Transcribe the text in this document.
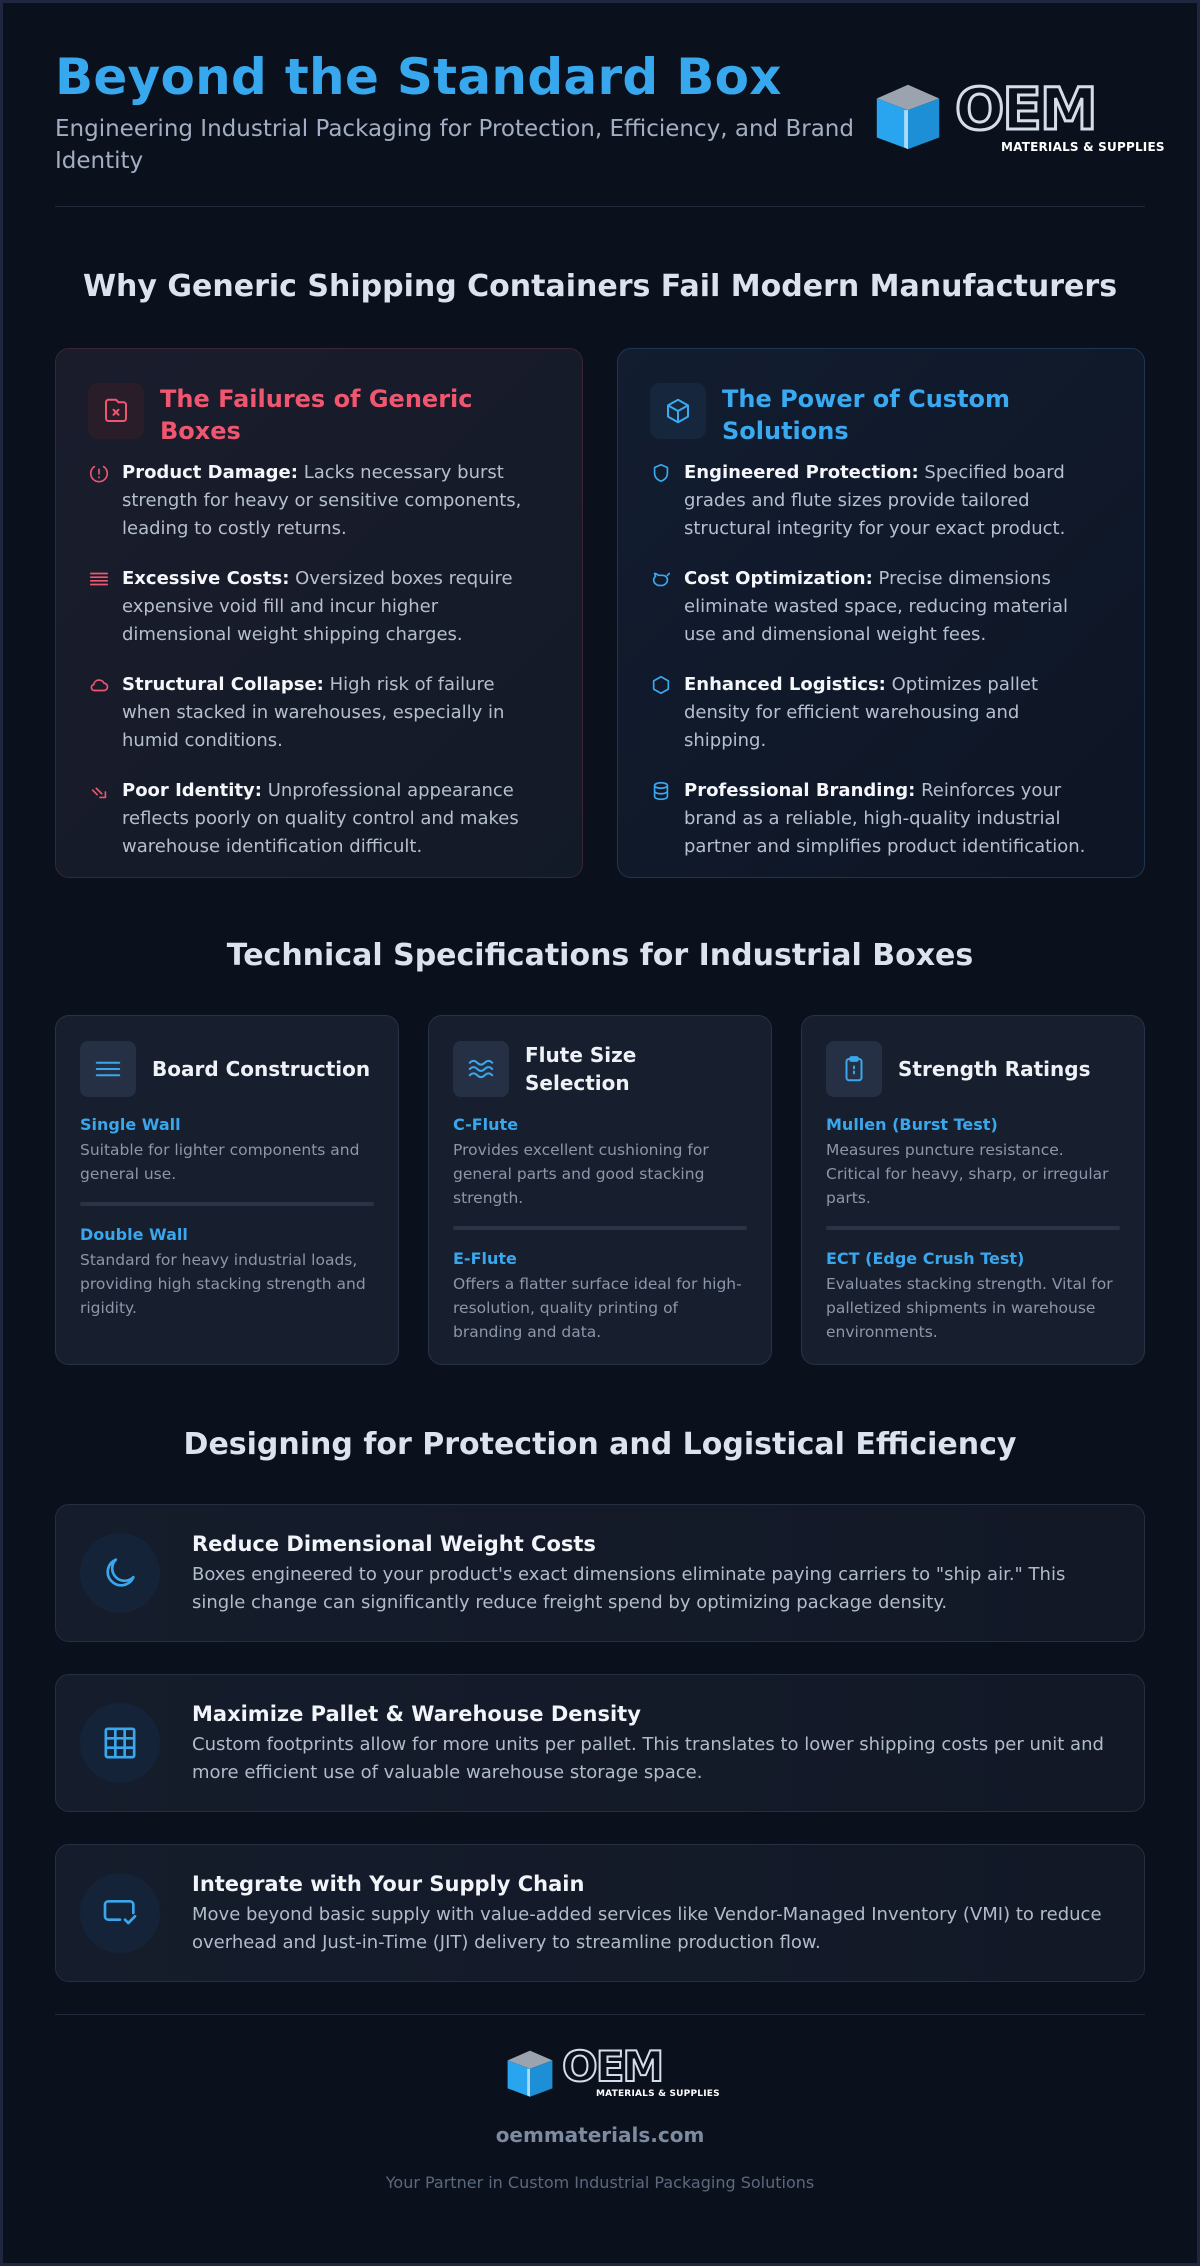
Beyond the Standard Box
Engineering Industrial Packaging for Protection, Efficiency, and Brand Identity
OEM
MATERIALS & SUPPLIES
Why Generic Shipping Containers Fail Modern Manufacturers
The Failures of Generic Boxes
Product Damage: Lacks necessary burst strength for heavy or sensitive components, leading to costly returns.
Excessive Costs: Oversized boxes require expensive void fill and incur higher dimensional weight shipping charges.
Structural Collapse: High risk of failure when stacked in warehouses, especially in humid conditions.
Poor Identity: Unprofessional appearance reflects poorly on quality control and makes warehouse identification difficult.
The Power of Custom Solutions
Engineered Protection: Specified board grades and flute sizes provide tailored structural integrity for your exact product.
Cost Optimization: Precise dimensions eliminate wasted space, reducing material use and dimensional weight fees.
Enhanced Logistics: Optimizes pallet density for efficient warehousing and shipping.
Professional Branding: Reinforces your brand as a reliable, high-quality industrial partner and simplifies product identification.
Technical Specifications for Industrial Boxes
Board Construction
Single Wall
Suitable for lighter components and general use.
Double Wall
Standard for heavy industrial loads, providing high stacking strength and rigidity.
Flute Size Selection
C-Flute
Provides excellent cushioning for general parts and good stacking strength.
E-Flute
Offers a flatter surface ideal for high-resolution, quality printing of branding and data.
Strength Ratings
Mullen (Burst Test)
Measures puncture resistance. Critical for heavy, sharp, or irregular parts.
ECT (Edge Crush Test)
Evaluates stacking strength. Vital for palletized shipments in warehouse environments.
Designing for Protection and Logistical Efficiency
Reduce Dimensional Weight Costs
Boxes engineered to your product's exact dimensions eliminate paying carriers to "ship air." This single change can significantly reduce freight spend by optimizing package density.
Maximize Pallet & Warehouse Density
Custom footprints allow for more units per pallet. This translates to lower shipping costs per unit and more efficient use of valuable warehouse storage space.
Integrate with Your Supply Chain
Move beyond basic supply with value-added services like Vendor-Managed Inventory (VMI) to reduce overhead and Just-in-Time (JIT) delivery to streamline production flow.
OEM
MATERIALS & SUPPLIES
oemmaterials.com
Your Partner in Custom Industrial Packaging Solutions
